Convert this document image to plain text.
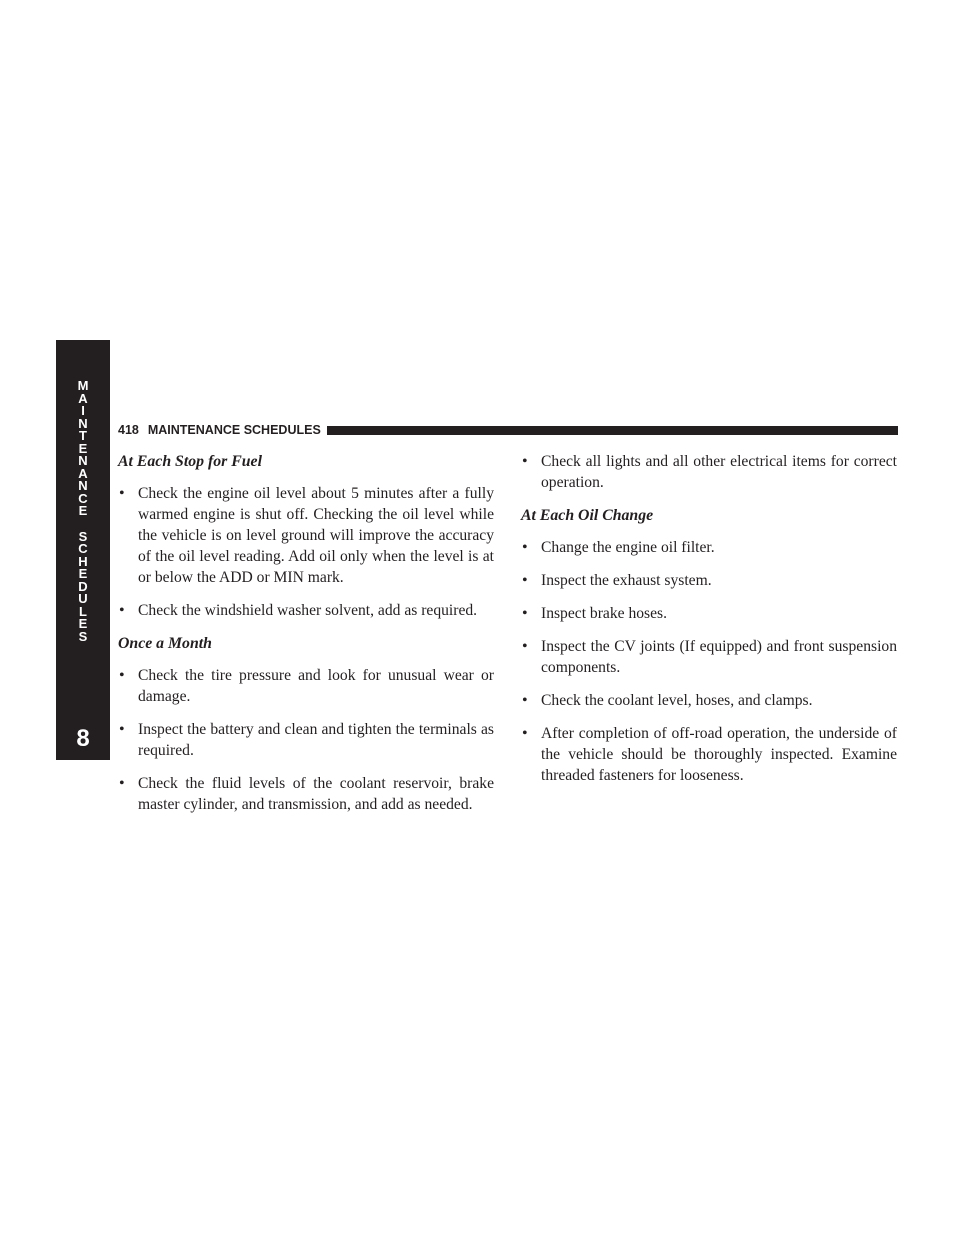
M
A
I
N
T
E
N
A
N
C
E
S
C
H
E
D
U
L
E
S
8
418 MAINTENANCE SCHEDULES
At Each Stop for Fuel
• Check the engine oil level about 5 minutes after a fully warmed engine is shut off. Checking the oil level while the vehicle is on level ground will improve the accuracy of the oil level reading. Add oil only when the level is at or below the ADD or MIN mark.
• Check the windshield washer solvent, add as required.
Once a Month
• Check the tire pressure and look for unusual wear or damage.
• Inspect the battery and clean and tighten the terminals as required.
• Check the fluid levels of the coolant reservoir, brake master cylinder, and transmission, and add as needed.
• Check all lights and all other electrical items for correct operation.
At Each Oil Change
• Change the engine oil filter.
• Inspect the exhaust system.
• Inspect brake hoses.
• Inspect the CV joints (If equipped) and front suspension components.
• Check the coolant level, hoses, and clamps.
• After completion of off-road operation, the underside of the vehicle should be thoroughly inspected. Examine threaded fasteners for looseness.
